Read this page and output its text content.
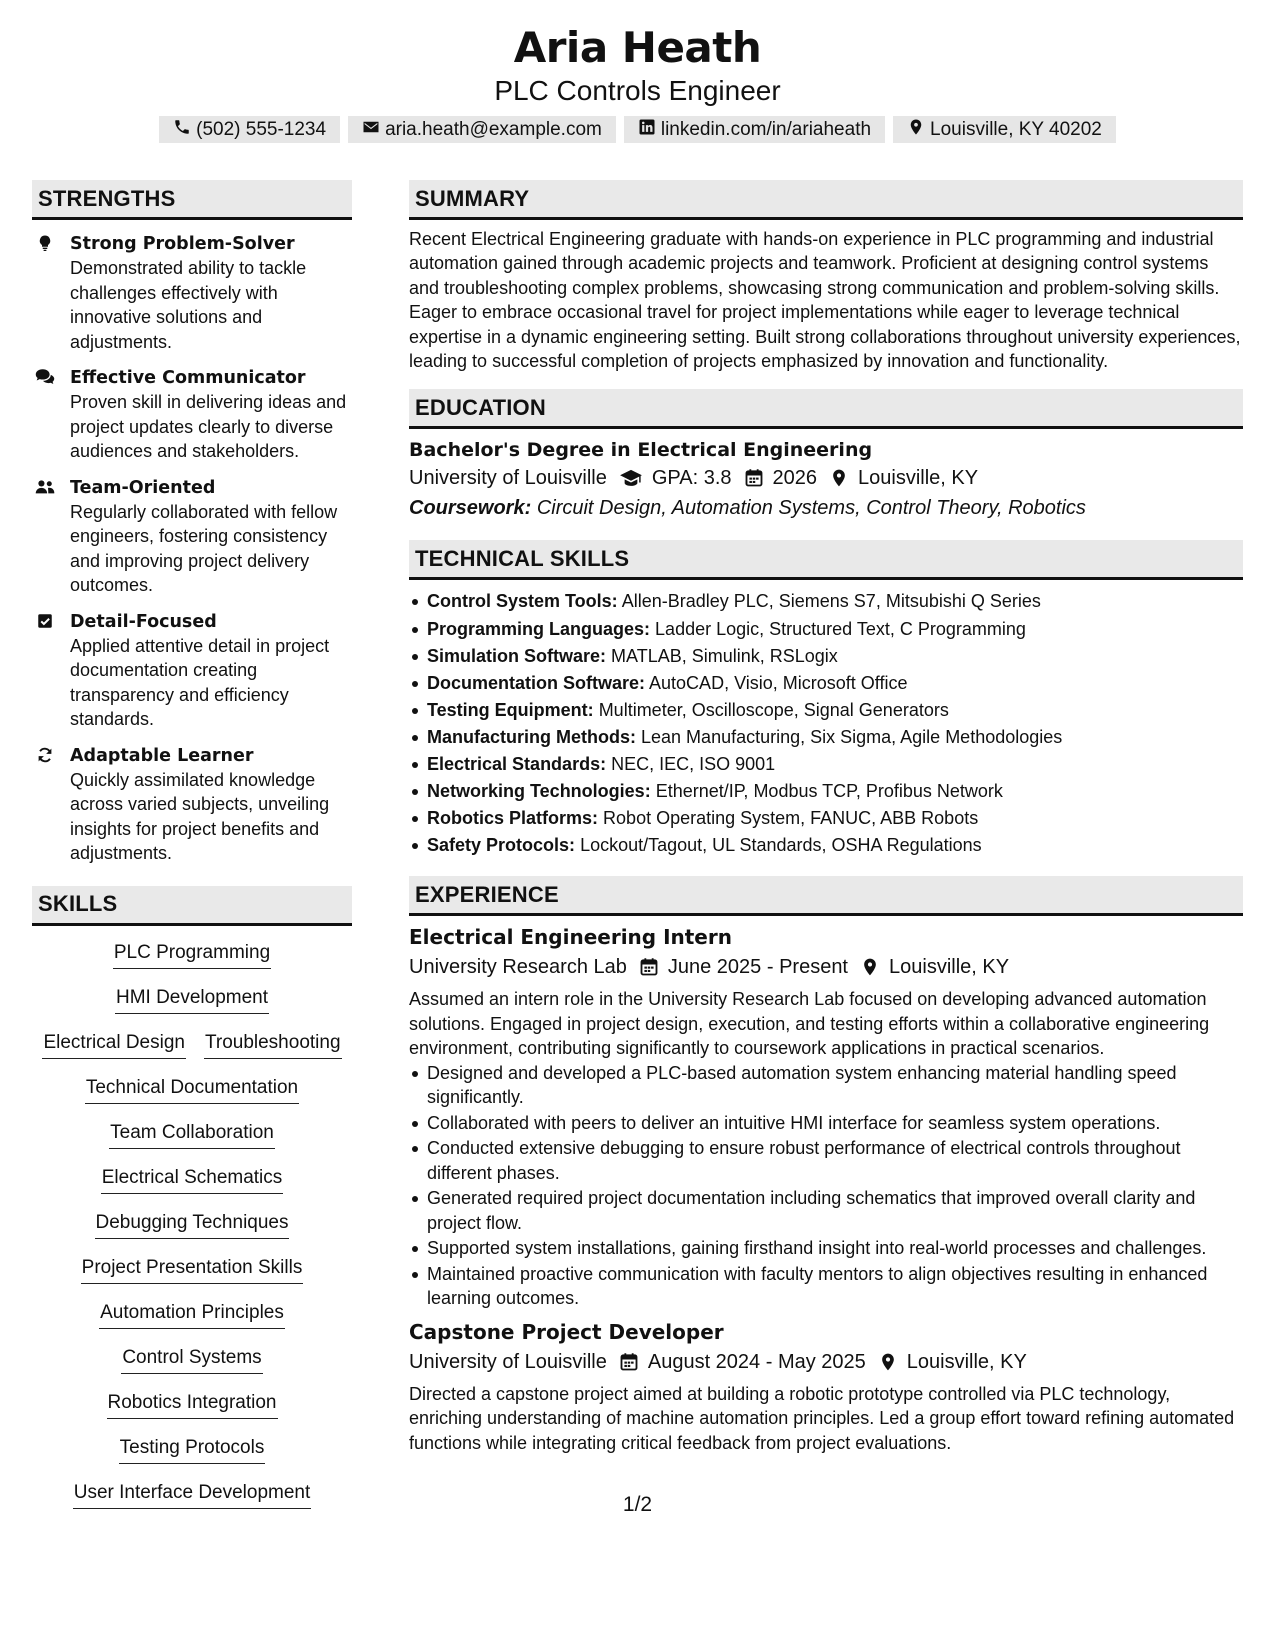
Aria Heath
PLC Controls Engineer
(502) 555-1234	aria.heath@example.com	linkedin.com/in/ariaheath	Louisville, KY 40202
STRENGTHS
Strong Problem-Solver
Demonstrated ability to tackle challenges effectively with innovative solutions and adjustments.
Effective Communicator
Proven skill in delivering ideas and project updates clearly to diverse audiences and stakeholders.
Team-Oriented
Regularly collaborated with fellow engineers, fostering consistency and improving project delivery outcomes.
Detail-Focused
Applied attentive detail in project documentation creating transparency and efficiency standards.
Adaptable Learner
Quickly assimilated knowledge across varied subjects, unveiling insights for project benefits and adjustments.
SKILLS
PLC Programming
HMI Development
Electrical Design Troubleshooting
Technical Documentation
Team Collaboration
Electrical Schematics
Debugging Techniques
Project Presentation Skills
Automation Principles
Control Systems
Robotics Integration
Testing Protocols
User Interface Development
SUMMARY
Recent Electrical Engineering graduate with hands-on experience in PLC programming and industrial automation gained through academic projects and teamwork. Proficient at designing control systems and troubleshooting complex problems, showcasing strong communication and problem-solving skills. Eager to embrace occasional travel for project implementations while eager to leverage technical expertise in a dynamic engineering setting. Built strong collaborations throughout university experiences, leading to successful completion of projects emphasized by innovation and functionality.
EDUCATION
Bachelor's Degree in Electrical Engineering
University of Louisville GPA: 3.8 2026 Louisville, KY
Coursework: Circuit Design, Automation Systems, Control Theory, Robotics
TECHNICAL SKILLS
Control System Tools: Allen-Bradley PLC, Siemens S7, Mitsubishi Q Series
Programming Languages: Ladder Logic, Structured Text, C Programming
Simulation Software: MATLAB, Simulink, RSLogix
Documentation Software: AutoCAD, Visio, Microsoft Office
Testing Equipment: Multimeter, Oscilloscope, Signal Generators
Manufacturing Methods: Lean Manufacturing, Six Sigma, Agile Methodologies
Electrical Standards: NEC, IEC, ISO 9001
Networking Technologies: Ethernet/IP, Modbus TCP, Profibus Network
Robotics Platforms: Robot Operating System, FANUC, ABB Robots
Safety Protocols: Lockout/Tagout, UL Standards, OSHA Regulations
EXPERIENCE
Electrical Engineering Intern
University Research Lab June 2025 - Present Louisville, KY
Assumed an intern role in the University Research Lab focused on developing advanced automation solutions. Engaged in project design, execution, and testing efforts within a collaborative engineering environment, contributing significantly to coursework applications in practical scenarios.
Designed and developed a PLC-based automation system enhancing material handling speed significantly.
Collaborated with peers to deliver an intuitive HMI interface for seamless system operations.
Conducted extensive debugging to ensure robust performance of electrical controls throughout different phases.
Generated required project documentation including schematics that improved overall clarity and project flow.
Supported system installations, gaining firsthand insight into real-world processes and challenges.
Maintained proactive communication with faculty mentors to align objectives resulting in enhanced learning outcomes.
Capstone Project Developer
University of Louisville August 2024 - May 2025 Louisville, KY
Directed a capstone project aimed at building a robotic prototype controlled via PLC technology, enriching understanding of machine automation principles. Led a group effort toward refining automated functions while integrating critical feedback from project evaluations.
1/2
